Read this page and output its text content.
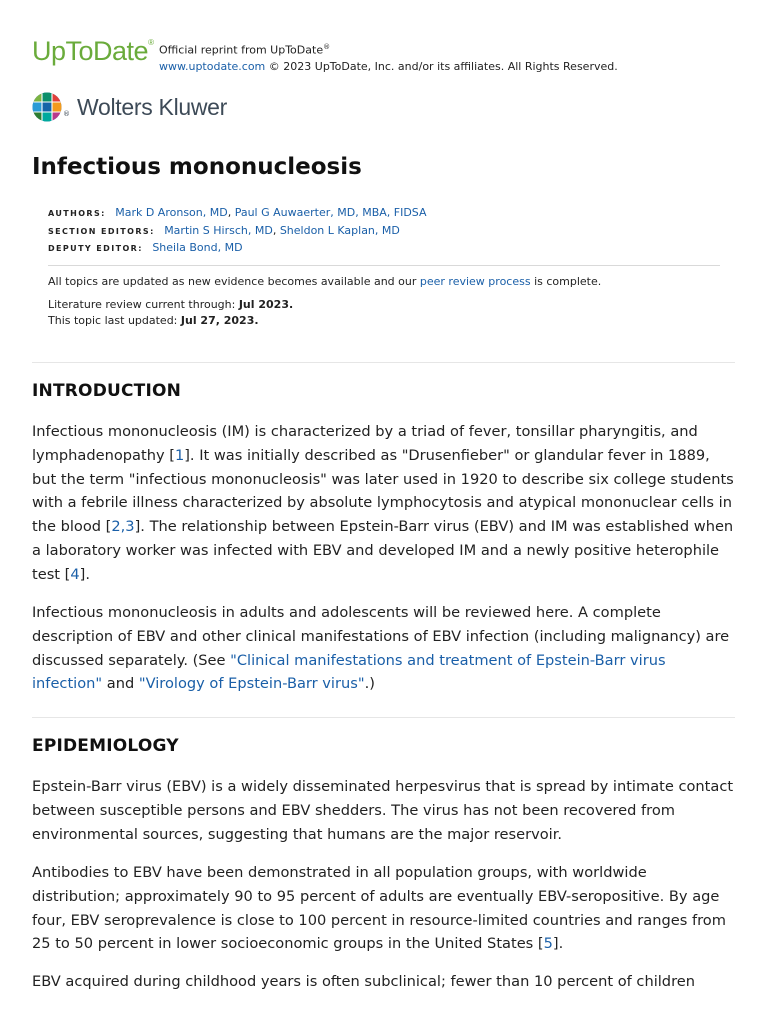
UpToDate®
Official reprint from UpToDate®
www.uptodate.com © 2023 UpToDate, Inc. and/or its affiliates. All Rights Reserved.
® Wolters Kluwer
Infectious mononucleosis
AUTHORS: Mark D Aronson, MD, Paul G Auwaerter, MD, MBA, FIDSA
SECTION EDITORS: Martin S Hirsch, MD, Sheldon L Kaplan, MD
DEPUTY EDITOR: Sheila Bond, MD
All topics are updated as new evidence becomes available and our peer review process is complete.
Literature review current through: Jul 2023.
This topic last updated: Jul 27, 2023.
INTRODUCTION

Infectious mononucleosis (IM) is characterized by a triad of fever, tonsillar pharyngitis, and lymphadenopathy [1]. It was initially described as "Drusenfieber" or glandular fever in 1889, but the term "infectious mononucleosis" was later used in 1920 to describe six college students with a febrile illness characterized by absolute lymphocytosis and atypical mononuclear cells in the blood [2,3]. The relationship between Epstein-Barr virus (EBV) and IM was established when a laboratory worker was infected with EBV and developed IM and a newly positive heterophile test [4].

Infectious mononucleosis in adults and adolescents will be reviewed here. A complete description of EBV and other clinical manifestations of EBV infection (including malignancy) are discussed separately. (See "Clinical manifestations and treatment of Epstein-Barr virus infection" and "Virology of Epstein-Barr virus".)

EPIDEMIOLOGY

Epstein-Barr virus (EBV) is a widely disseminated herpesvirus that is spread by intimate contact between susceptible persons and EBV shedders. The virus has not been recovered from environmental sources, suggesting that humans are the major reservoir.

Antibodies to EBV have been demonstrated in all population groups, with worldwide distribution; approximately 90 to 95 percent of adults are eventually EBV-seropositive. By age four, EBV seroprevalence is close to 100 percent in resource-limited countries and ranges from 25 to 50 percent in lower socioeconomic groups in the United States [5].

EBV acquired during childhood years is often subclinical; fewer than 10 percent of children
